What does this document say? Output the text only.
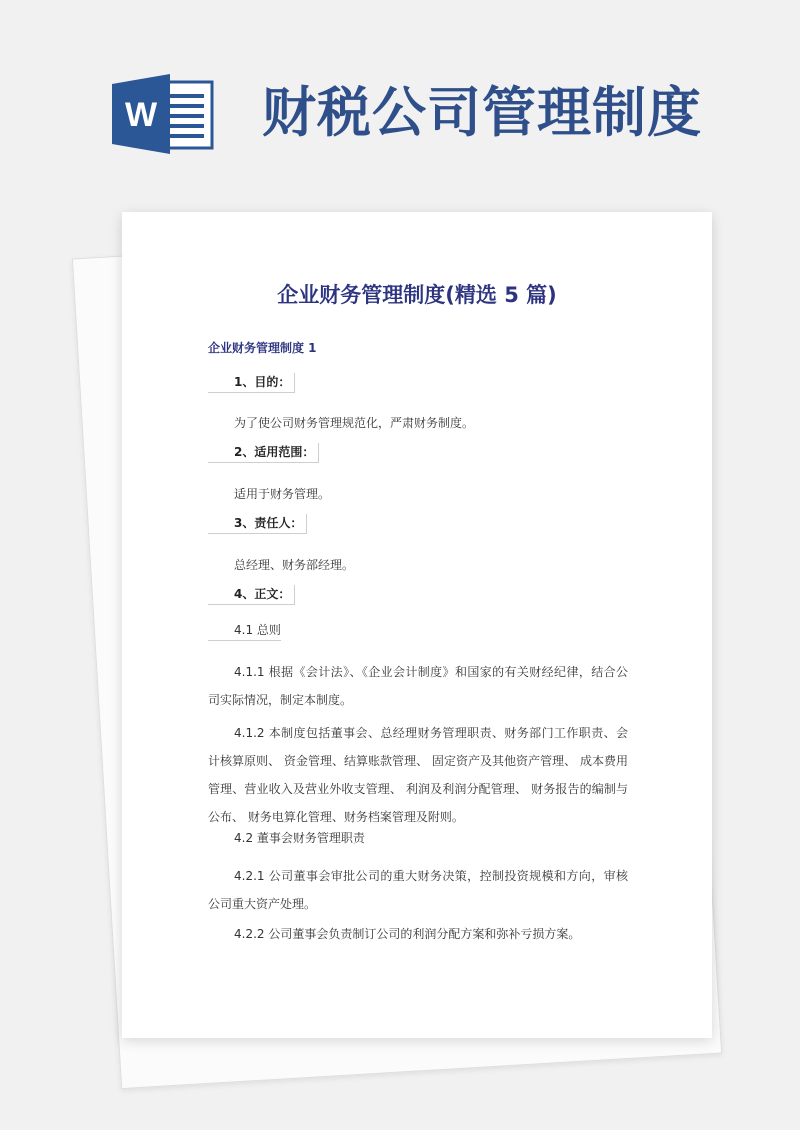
W 财税公司管理制度
企业财务管理制度(精选 5 篇)
企业财务管理制度 1
1、目的：
为了使公司财务管理规范化，严肃财务制度。
2、适用范围：
适用于财务管理。
3、责任人：
总经理、财务部经理。
4、正文：
4.1 总则
4.1.1 根据《会计法》、《企业会计制度》和国家的有关财经纪律，结合公司实际情况，制定本制度。
4.1.2 本制度包括董事会、总经理财务管理职责、财务部门工作职责、会计核算原则、 资金管理、结算账款管理、 固定资产及其他资产管理、 成本费用管理、营业收入及营业外收支管理、 利润及利润分配管理、 财务报告的编制与公布、 财务电算化管理、财务档案管理及附则。
4.2 董事会财务管理职责
4.2.1 公司董事会审批公司的重大财务决策，控制投资规模和方向，审核公司重大资产处理。
4.2.2 公司董事会负责制订公司的利润分配方案和弥补亏损方案。
